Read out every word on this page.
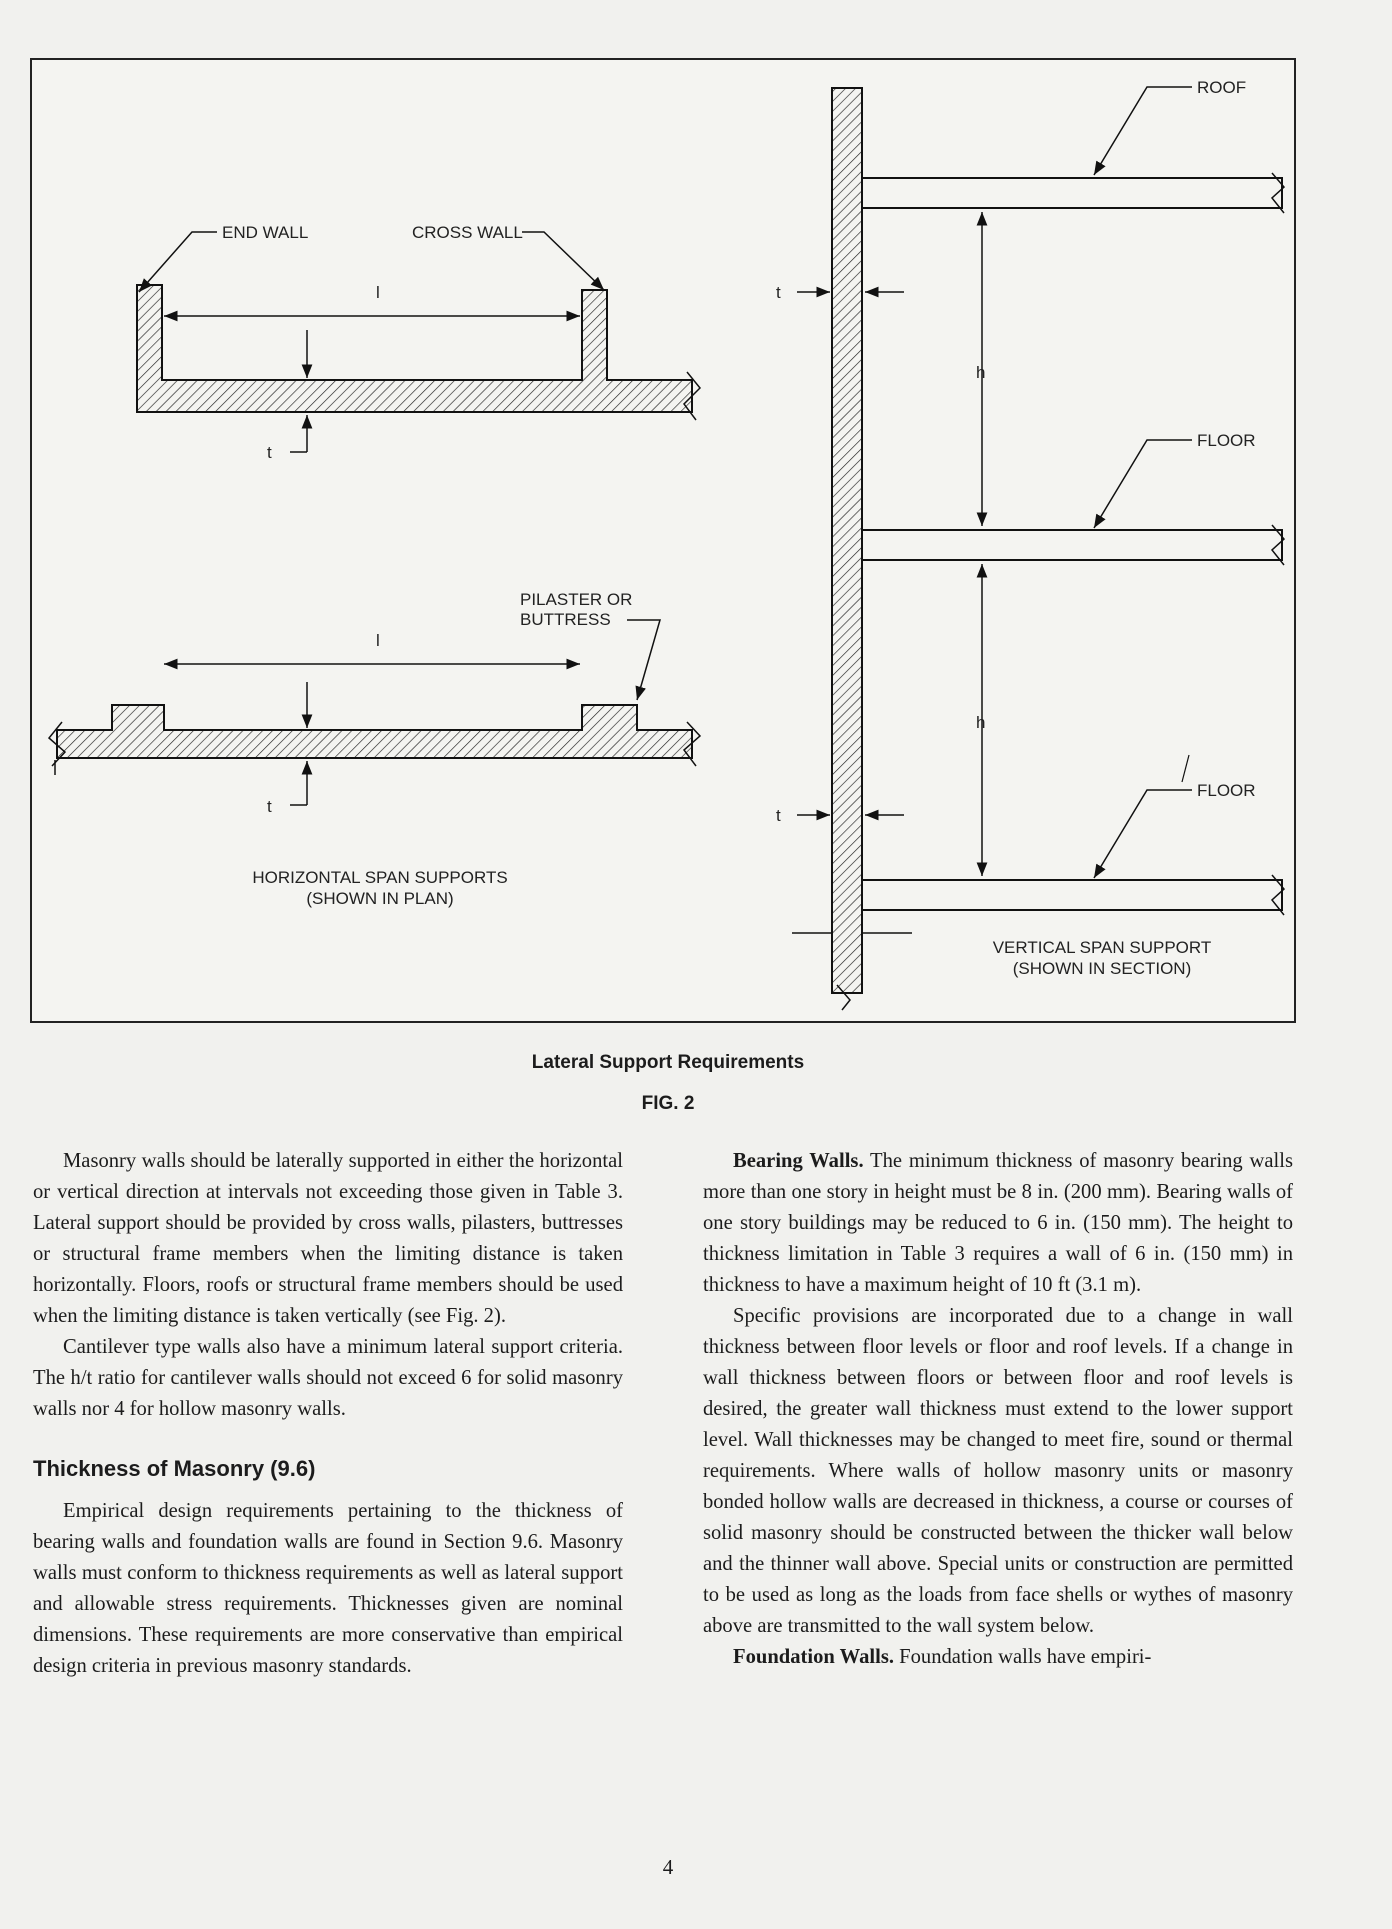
END WALL	CROSS WALL
l
t
PILASTER OR
BUTTRESS
l
t
HORIZONTAL SPAN SUPPORTS
(SHOWN IN PLAN)
ROOF
FLOOR
FLOOR
h
h
t
t
VERTICAL SPAN SUPPORT
(SHOWN IN SECTION)
Lateral Support Requirements
FIG. 2

Masonry walls should be laterally supported in either the horizontal or vertical direction at intervals not exceeding those given in Table 3. Lateral support should be provided by cross walls, pilasters, buttresses or structural frame members when the limiting distance is taken horizontally. Floors, roofs or structural frame members should be used when the limiting distance is taken vertically (see Fig. 2).

Cantilever type walls also have a minimum lateral support criteria. The h/t ratio for cantilever walls should not exceed 6 for solid masonry walls nor 4 for hollow masonry walls.

Thickness of Masonry (9.6)

Empirical design requirements pertaining to the thickness of bearing walls and foundation walls are found in Section 9.6. Masonry walls must conform to thickness requirements as well as lateral support and allowable stress requirements. Thicknesses given are nominal dimensions. These requirements are more conservative than empirical design criteria in previous masonry standards.

Bearing Walls. The minimum thickness of masonry bearing walls more than one story in height must be 8 in. (200 mm). Bearing walls of one story buildings may be reduced to 6 in. (150 mm). The height to thickness limitation in Table 3 requires a wall of 6 in. (150 mm) in thickness to have a maximum height of 10 ft (3.1 m).

Specific provisions are incorporated due to a change in wall thickness between floor levels or floor and roof levels. If a change in wall thickness between floors or between floor and roof levels is desired, the greater wall thickness must extend to the lower support level. Wall thicknesses may be changed to meet fire, sound or thermal requirements. Where walls of hollow masonry units or masonry bonded hollow walls are decreased in thickness, a course or courses of solid masonry should be constructed between the thicker wall below and the thinner wall above. Special units or construction are permitted to be used as long as the loads from face shells or wythes of masonry above are transmitted to the wall system below.

Foundation Walls. Foundation walls have empiri-

4
